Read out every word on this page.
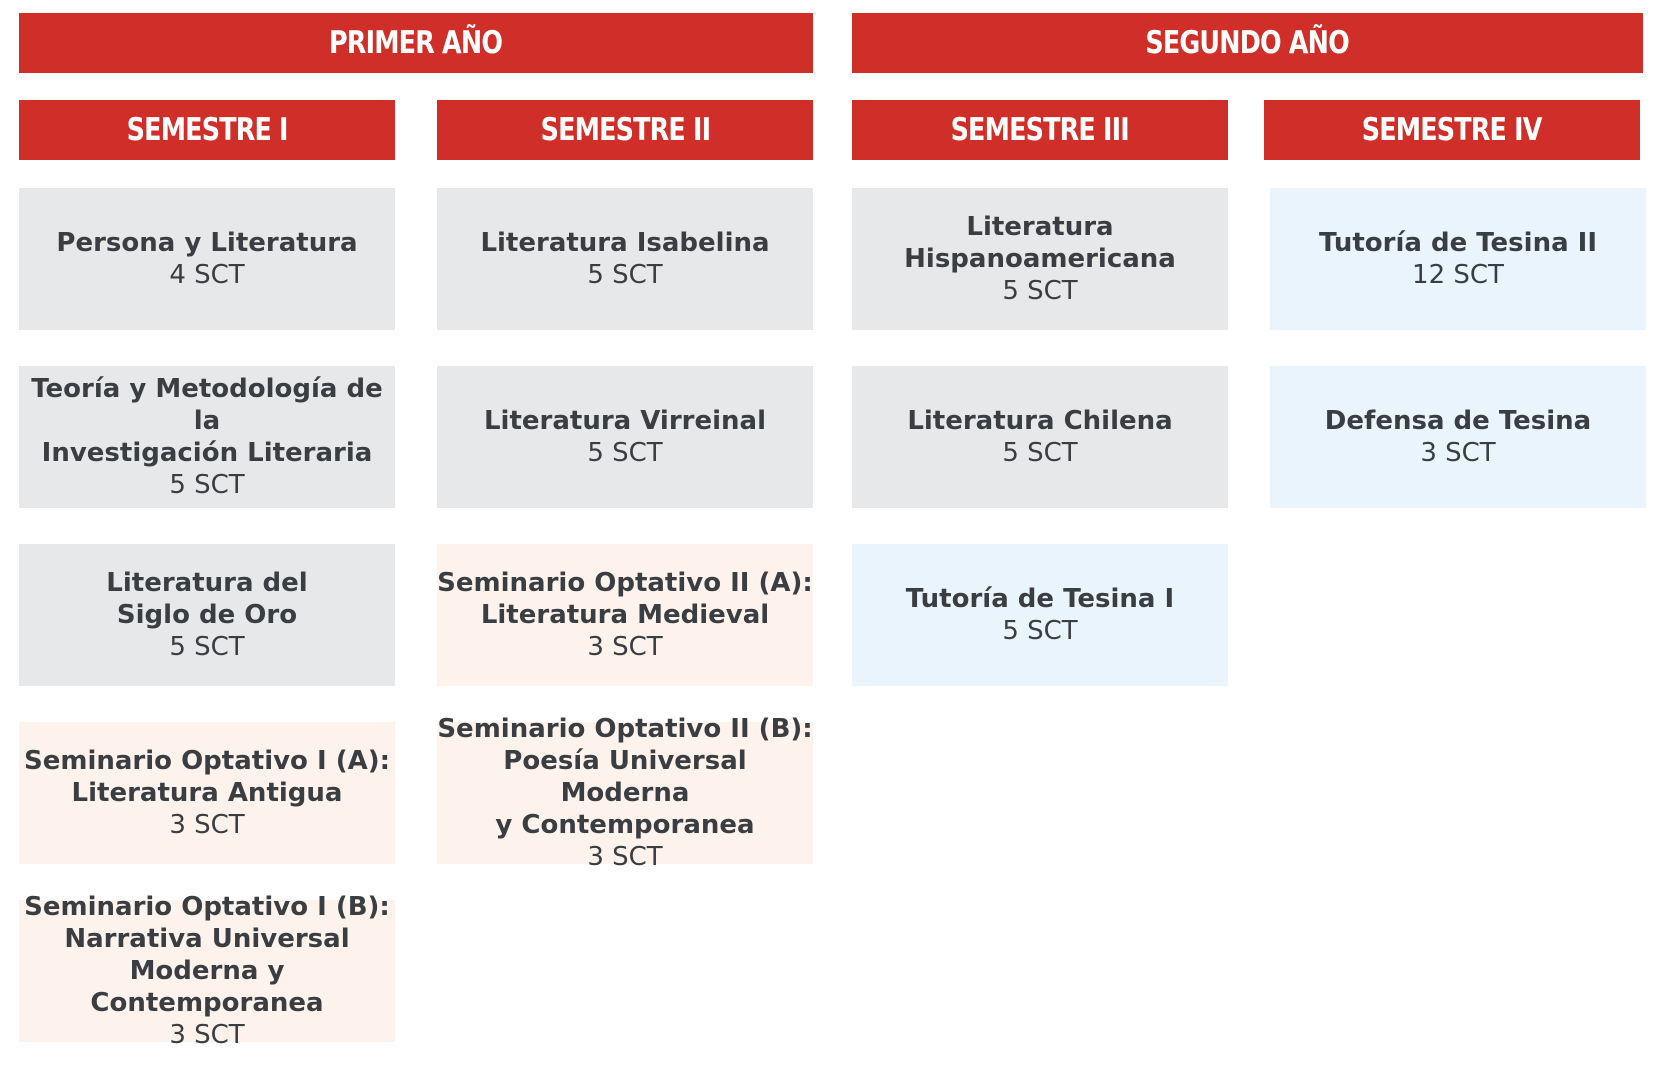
PRIMER AÑO	SEGUNDO AÑO
SEMESTRE I	SEMESTRE II	SEMESTRE III	SEMESTRE IV
Persona y Literatura
4 SCT
Teoría y Metodología de la
Investigación Literaria
5 SCT
Literatura del
Siglo de Oro
5 SCT
Seminario Optativo I (A):
Literatura Antigua
3 SCT
Seminario Optativo I (B):
Narrativa Universal
Moderna y Contemporanea
3 SCT
Literatura Isabelina
5 SCT
Literatura Virreinal
5 SCT
Seminario Optativo II (A):
Literatura Medieval
3 SCT
Seminario Optativo II (B):
Poesía Universal Moderna
y Contemporanea
3 SCT
Literatura
Hispanoamericana
5 SCT
Literatura Chilena
5 SCT
Tutoría de Tesina I
5 SCT
Tutoría de Tesina II
12 SCT
Defensa de Tesina
3 SCT
